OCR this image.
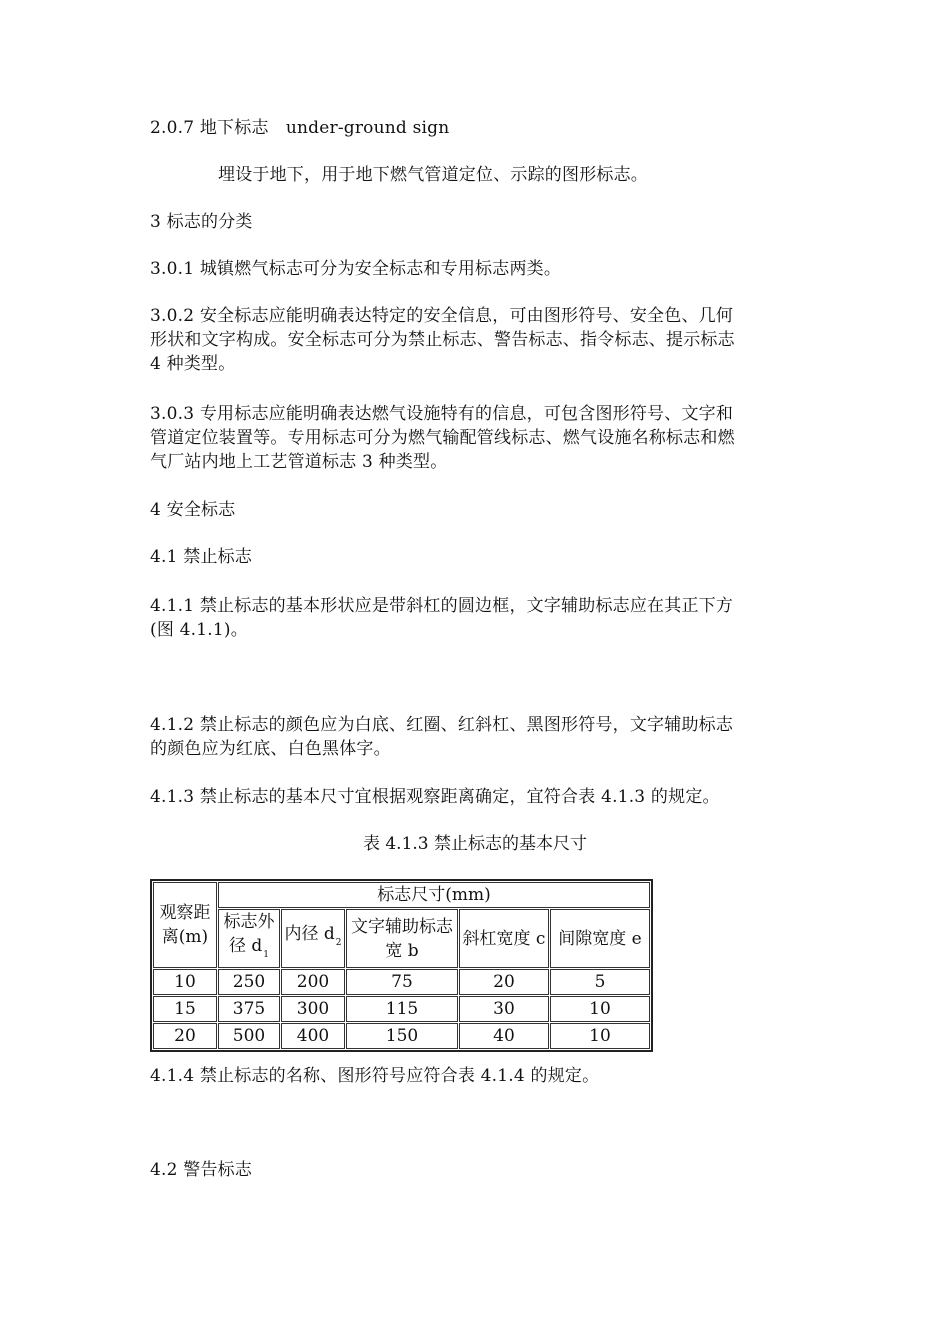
2.0.7 地下标志　under-ground sign
埋设于地下，用于地下燃气管道定位、示踪的图形标志。
3 标志的分类
3.0.1 城镇燃气标志可分为安全标志和专用标志两类。
3.0.2 安全标志应能明确表达特定的安全信息，可由图形符号、安全色、几何
形状和文字构成。安全标志可分为禁止标志、警告标志、指令标志、提示标志
4 种类型。
3.0.3 专用标志应能明确表达燃气设施特有的信息，可包含图形符号、文字和
管道定位装置等。专用标志可分为燃气输配管线标志、燃气设施名称标志和燃
气厂站内地上工艺管道标志 3 种类型。
4 安全标志
4.1 禁止标志
4.1.1 禁止标志的基本形状应是带斜杠的圆边框，文字辅助标志应在其正下方
(图 4.1.1)。
4.1.2 禁止标志的颜色应为白底、红圈、红斜杠、黑图形符号，文字辅助标志
的颜色应为红底、白色黑体字。
4.1.3 禁止标志的基本尺寸宜根据观察距离确定，宜符合表 4.1.3 的规定。
表 4.1.3 禁止标志的基本尺寸
观察距离(m)	标志尺寸(mm)				
	标志外径 $d_1$	内径 $d_2$	文字辅助标志宽 b	斜杠宽度 c	间隙宽度 e
10	250	200	75	20	5
15	375	300	115	30	10
20	500	400	150	40	10
4.1.4 禁止标志的名称、图形符号应符合表 4.1.4 的规定。
4.2 警告标志
